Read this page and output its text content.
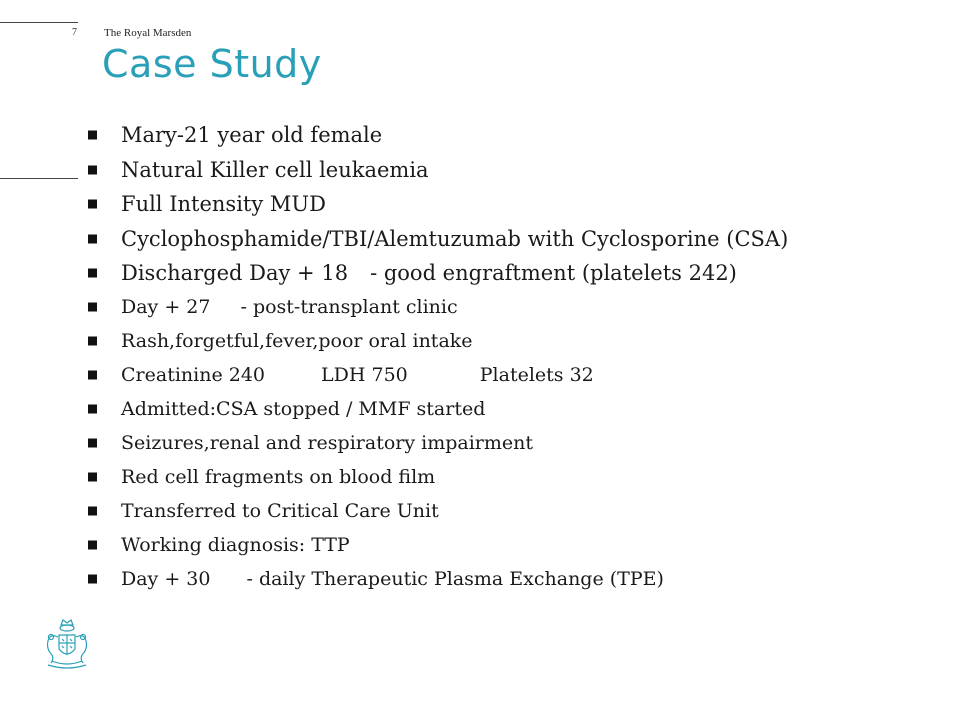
7 The Royal Marsden
Case Study
Mary-21 year old female
Natural Killer cell leukaemia
Full Intensity MUD
Cyclophosphamide/TBI/Alemtuzumab with Cyclosporine (CSA)
Discharged Day + 18 - good engraftment (platelets 242)
Day + 27 - post-transplant clinic
Rash,forgetful,fever,poor oral intake
Creatinine 240	LDH 750	Platelets 32
Admitted:CSA stopped / MMF started
Seizures,renal and respiratory impairment
Red cell fragments on blood film
Transferred to Critical Care Unit
Working diagnosis: TTP
Day + 30 - daily Therapeutic Plasma Exchange (TPE)
